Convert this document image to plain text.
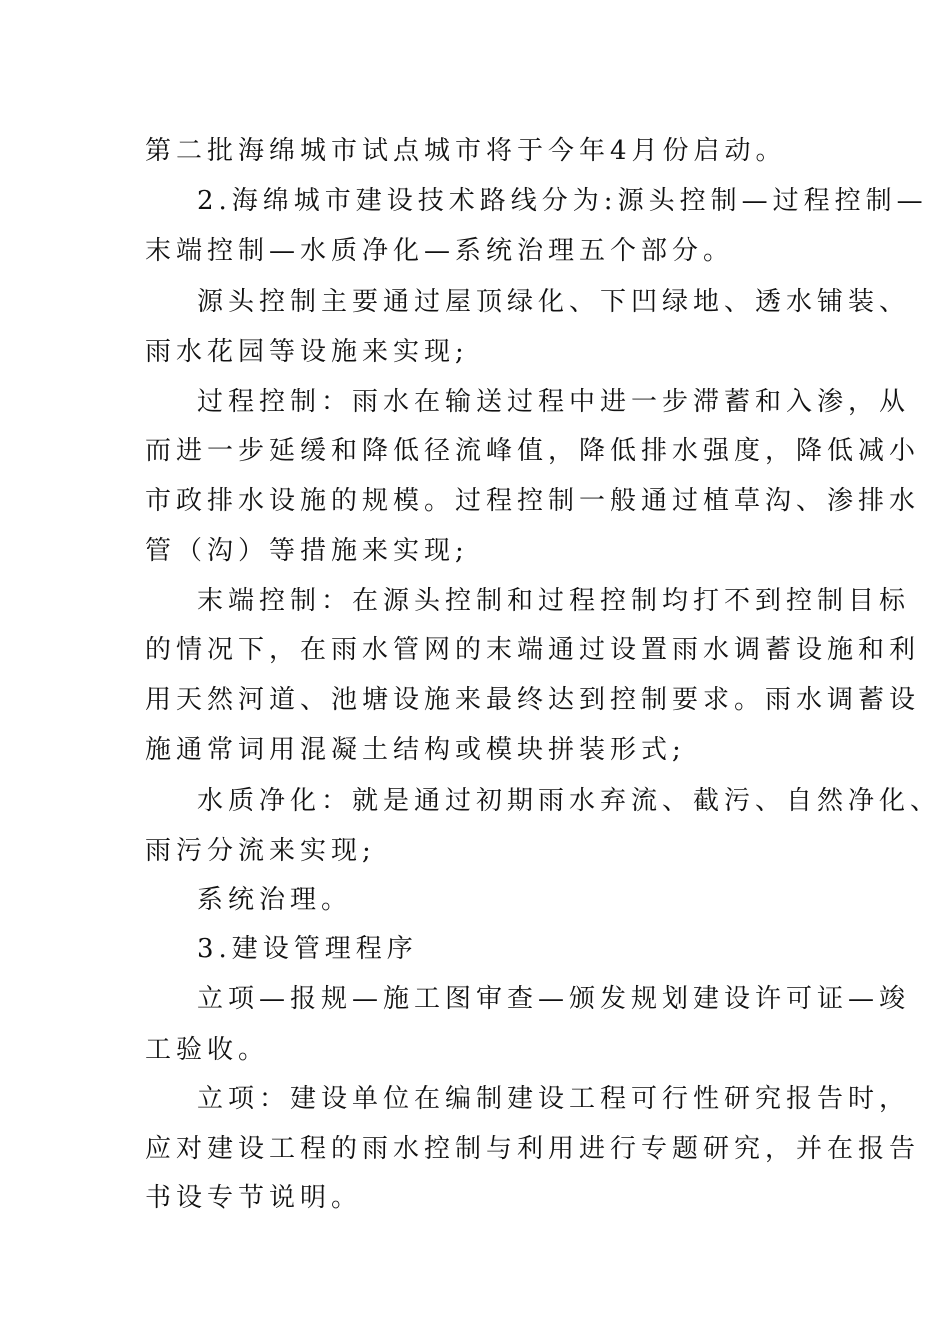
第二批海绵城市试点城市将于今年4月份启动。
2.海绵城市建设技术路线分为:源头控制—过程控制—
末端控制—水质净化—系统治理五个部分。
源头控制主要通过屋顶绿化、下凹绿地、透水铺装、
雨水花园等设施来实现;
过程控制：雨水在输送过程中进一步滞蓄和入渗，从
而进一步延缓和降低径流峰值，降低排水强度，降低减小
市政排水设施的规模。过程控制一般通过植草沟、渗排水
管（沟）等措施来实现;
末端控制：在源头控制和过程控制均打不到控制目标
的情况下，在雨水管网的末端通过设置雨水调蓄设施和利
用天然河道、池塘设施来最终达到控制要求。雨水调蓄设
施通常词用混凝土结构或模块拼装形式;
水质净化：就是通过初期雨水弃流、截污、自然净化、
雨污分流来实现;
系统治理。
3.建设管理程序
立项—报规—施工图审查—颁发规划建设许可证—竣
工验收。
立项：建设单位在编制建设工程可行性研究报告时，
应对建设工程的雨水控制与利用进行专题研究，并在报告
书设专节说明。
